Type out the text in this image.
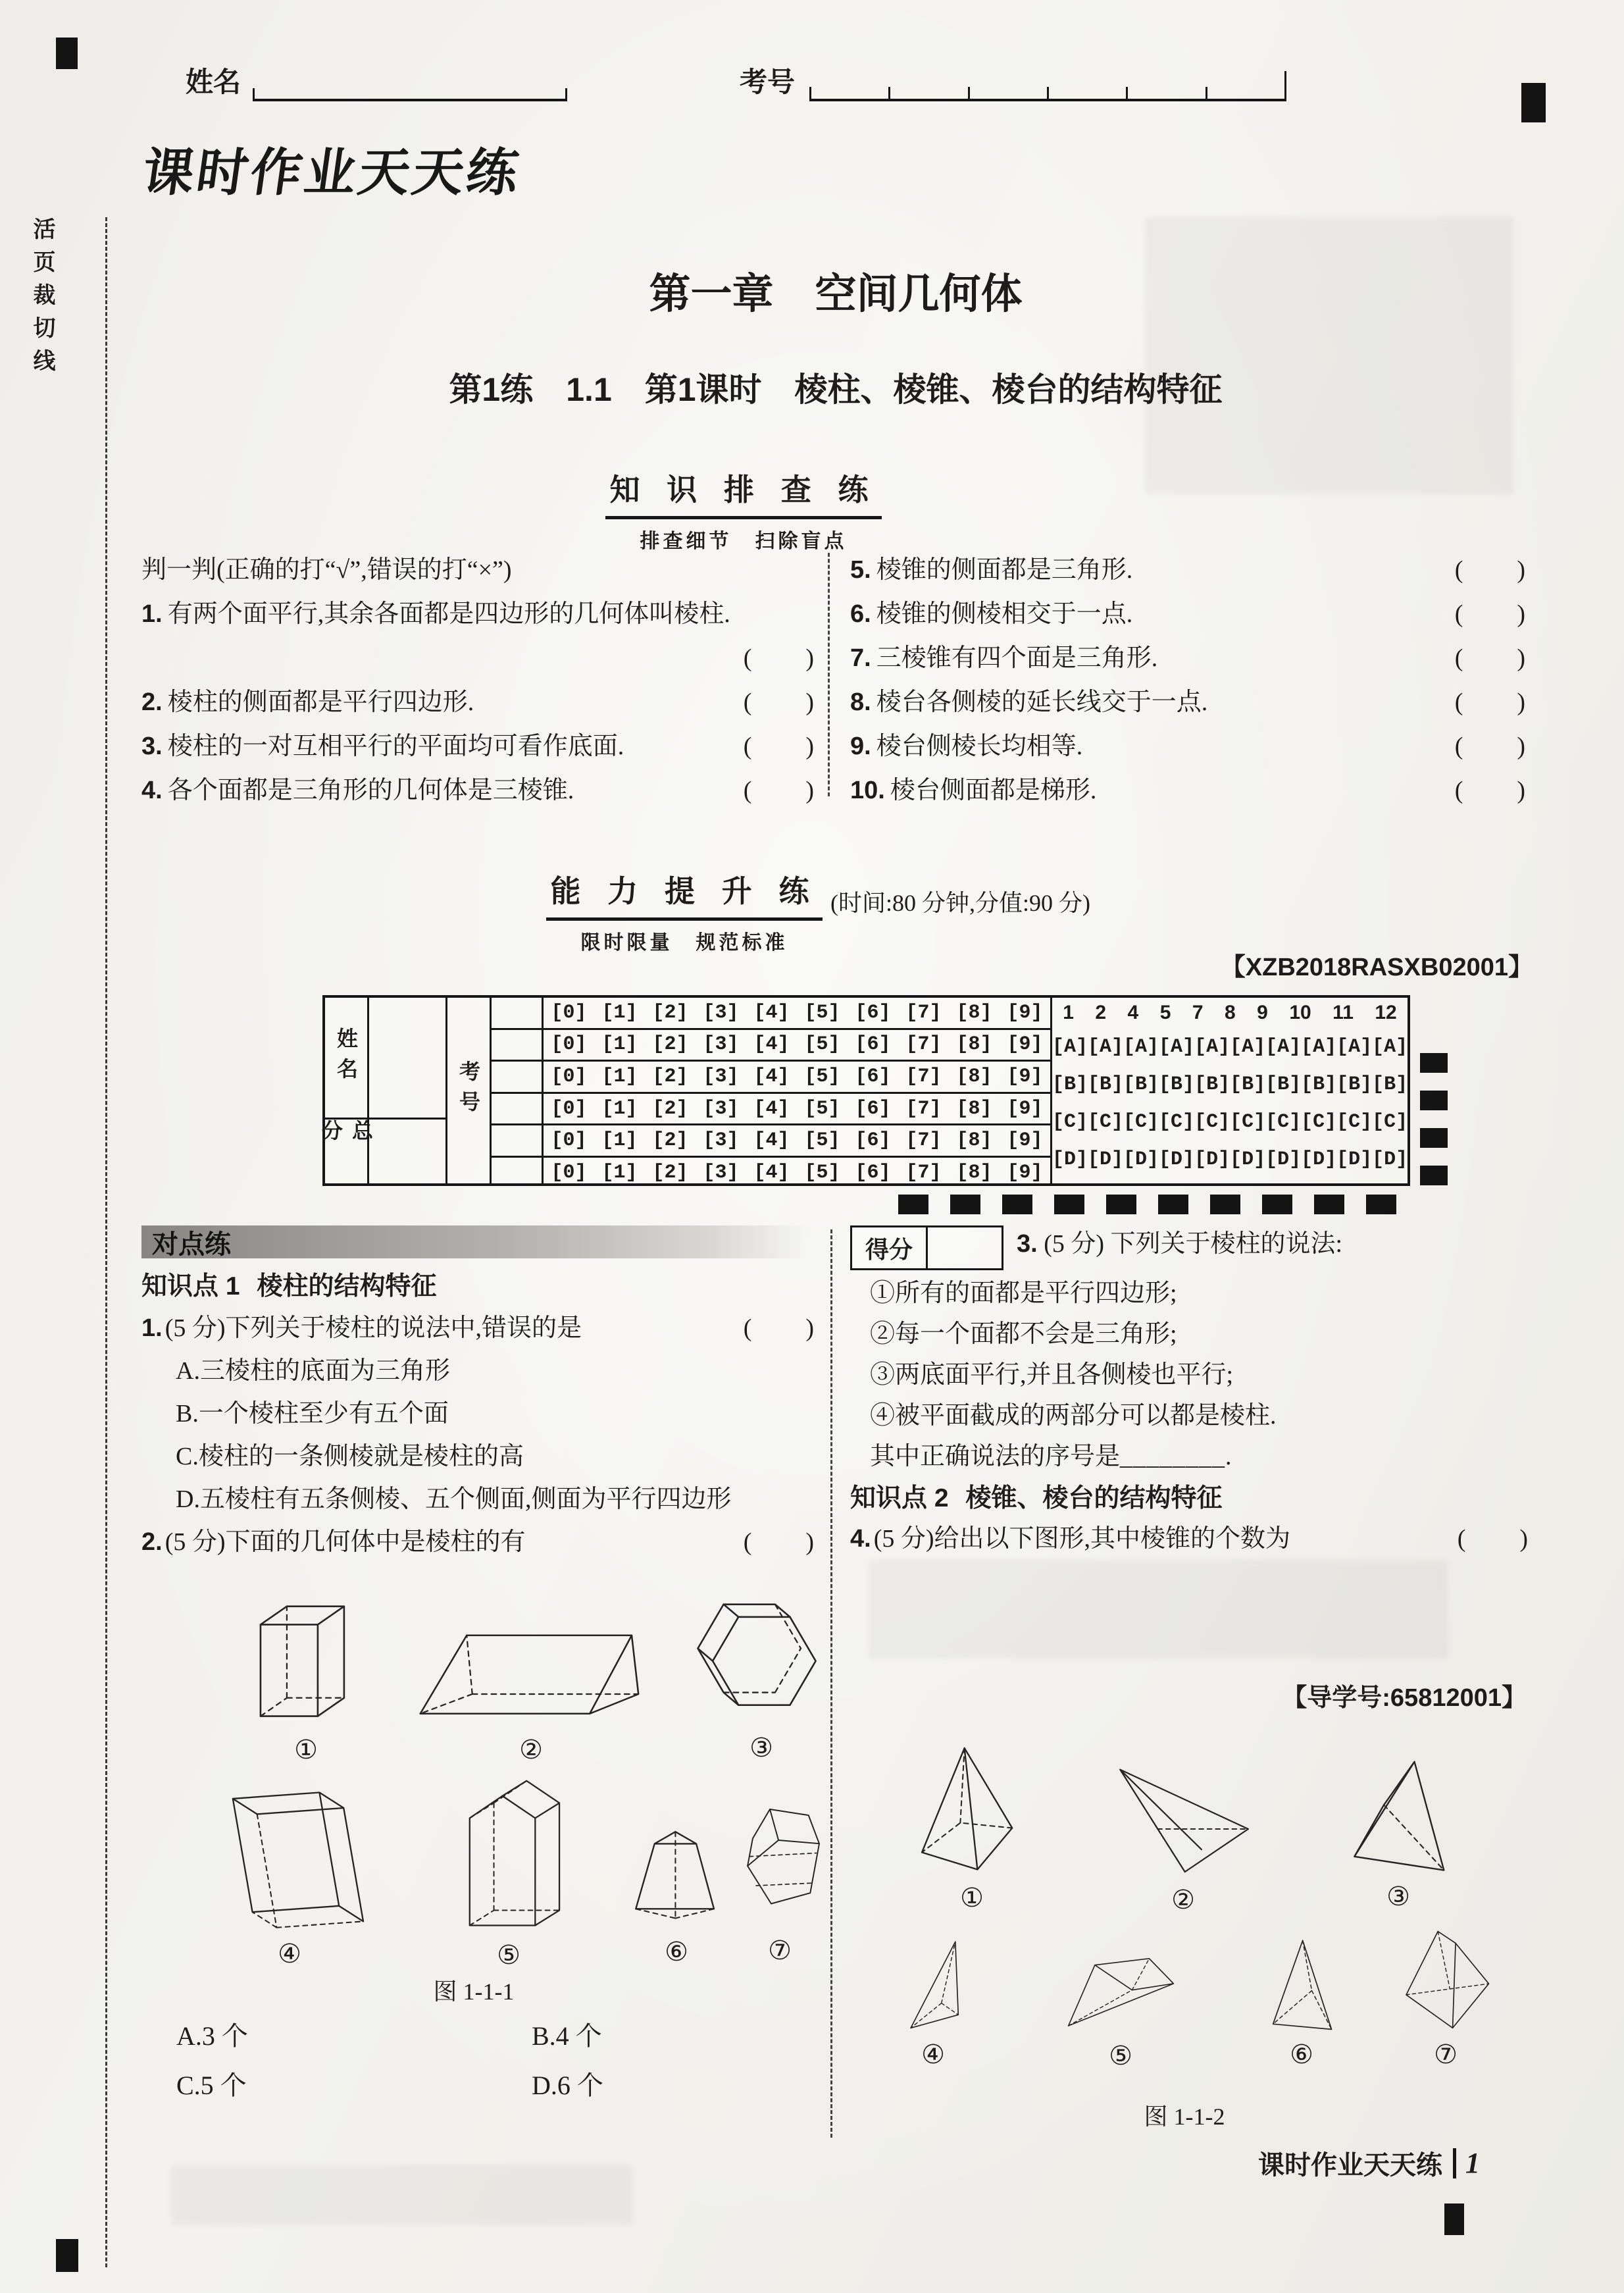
活页裁切线
姓名	考号
课时作业天天练
第一章　空间几何体
第1练　1.1　第1课时　棱柱、棱锥、棱台的结构特征
知 识 排 查 练
排查细节　扫除盲点
判一判(正确的打“√”,错误的打“×”)
1. 有两个面平行,其余各面都是四边形的几何体叫棱柱.
(　　)
2. 棱柱的侧面都是平行四边形.	(　　)
3. 棱柱的一对互相平行的平面均可看作底面.	(　　)
4. 各个面都是三角形的几何体是三棱锥.	(　　)
5. 棱锥的侧面都是三角形.	(　　)
6. 棱锥的侧棱相交于一点.	(　　)
7. 三棱锥有四个面是三角形.	(　　)
8. 棱台各侧棱的延长线交于一点.	(　　)
9. 棱台侧棱长均相等.	(　　)
10. 棱台侧面都是梯形.	(　　)
能 力 提 升 练
限时限量　规范标准
(时间:80 分钟,分值:90 分)
【XZB2018RASXB02001】
姓名
总分
考号
[0] [1] [2] [3] [4] [5] [6] [7] [8] [9]
[0] [1] [2] [3] [4] [5] [6] [7] [8] [9]
[0] [1] [2] [3] [4] [5] [6] [7] [8] [9]
[0] [1] [2] [3] [4] [5] [6] [7] [8] [9]
[0] [1] [2] [3] [4] [5] [6] [7] [8] [9]
[0] [1] [2] [3] [4] [5] [6] [7] [8] [9]
1 2 4 5 7 8 9 10 11 12
[A] [A] [A] [A] [A] [A] [A] [A] [A] [A]
[B] [B] [B] [B] [B] [B] [B] [B] [B] [B]
[C] [C] [C] [C] [C] [C] [C] [C] [C] [C]
[D] [D] [D] [D] [D] [D] [D] [D] [D] [D]
对点练
知识点 1 棱柱的结构特征
1. (5 分) 下列关于棱柱的说法中,错误的是	(　　)
A.三棱柱的底面为三角形
B.一个棱柱至少有五个面
C.棱柱的一条侧棱就是棱柱的高
D.五棱柱有五条侧棱、五个侧面,侧面为平行四边形
2. (5 分) 下面的几何体中是棱柱的有	(　　)
①	②	③
④	⑤	⑥	⑦
图 1-1-1
A.3 个	B.4 个
C.5 个	D.6 个
得分	3. (5 分) 下列关于棱柱的说法:
①所有的面都是平行四边形;
②每一个面都不会是三角形;
③两底面平行,并且各侧棱也平行;
④被平面截成的两部分可以都是棱柱.
其中正确说法的序号是________.
知识点 2 棱锥、棱台的结构特征
4. (5 分) 给出以下图形,其中棱锥的个数为	(　　)
【导学号:65812001】
①	②	③
④	⑤	⑥	⑦
图 1-1-2
课时作业天天练 1
